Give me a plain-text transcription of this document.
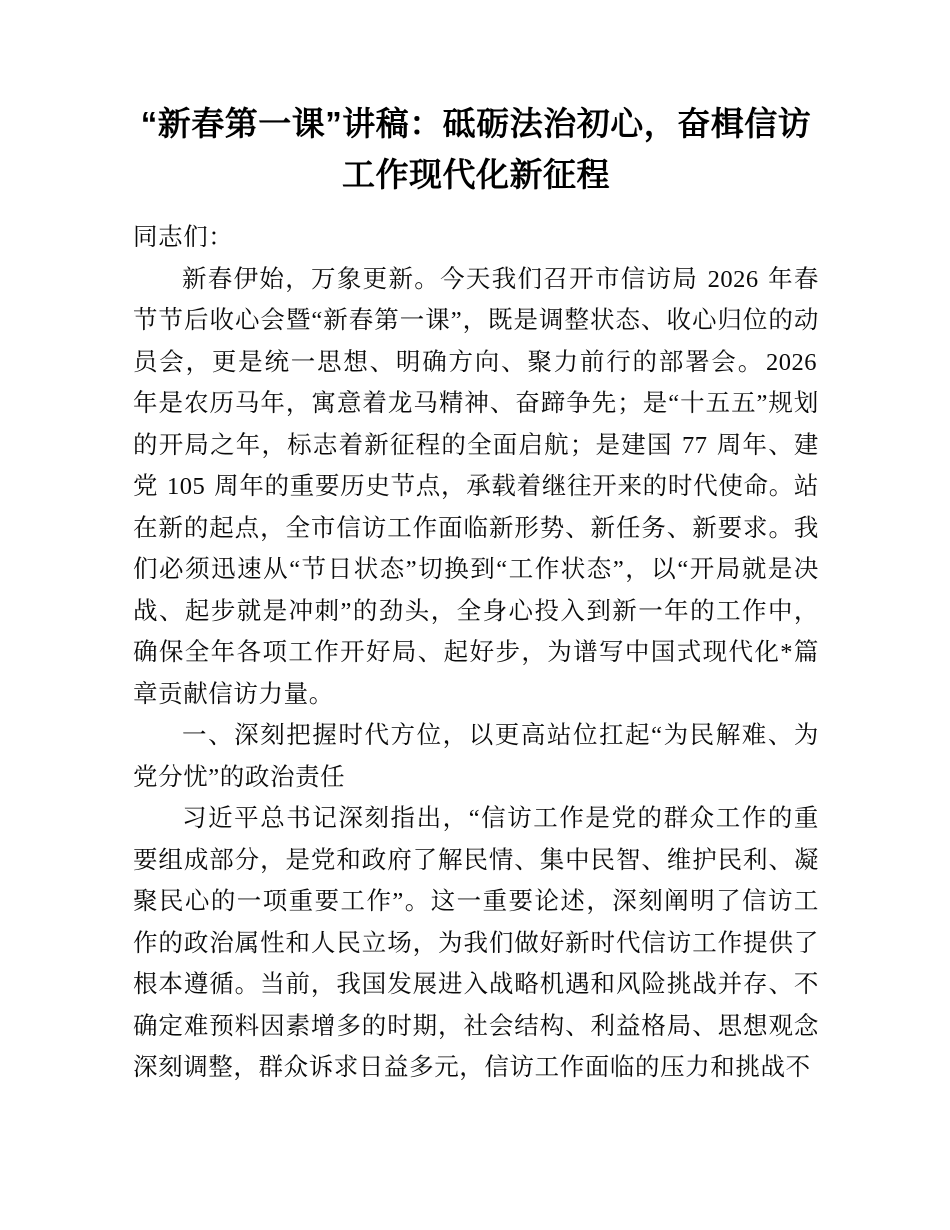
“新春第一课”讲稿：砥砺法治初心，奋楫信访工作现代化新征程

同志们：

新春伊始，万象更新。今天我们召开市信访局 2026 年春节节后收心会暨“新春第一课”，既是调整状态、收心归位的动员会，更是统一思想、明确方向、聚力前行的部署会。2026 年是农历马年，寓意着龙马精神、奋蹄争先；是“十五五”规划的开局之年，标志着新征程的全面启航；是建国 77 周年、建党 105 周年的重要历史节点，承载着继往开来的时代使命。站在新的起点，全市信访工作面临新形势、新任务、新要求。我们必须迅速从“节日状态”切换到“工作状态”，以“开局就是决战、起步就是冲刺”的劲头，全身心投入到新一年的工作中，确保全年各项工作开好局、起好步，为谱写中国式现代化*篇章贡献信访力量。

一、深刻把握时代方位，以更高站位扛起“为民解难、为党分忧”的政治责任

习近平总书记深刻指出，“信访工作是党的群众工作的重要组成部分，是党和政府了解民情、集中民智、维护民利、凝聚民心的一项重要工作”。这一重要论述，深刻阐明了信访工作的政治属性和人民立场，为我们做好新时代信访工作提供了根本遵循。当前，我国发展进入战略机遇和风险挑战并存、不确定难预料因素增多的时期，社会结构、利益格局、思想观念深刻调整，群众诉求日益多元，信访工作面临的压力和挑战不
